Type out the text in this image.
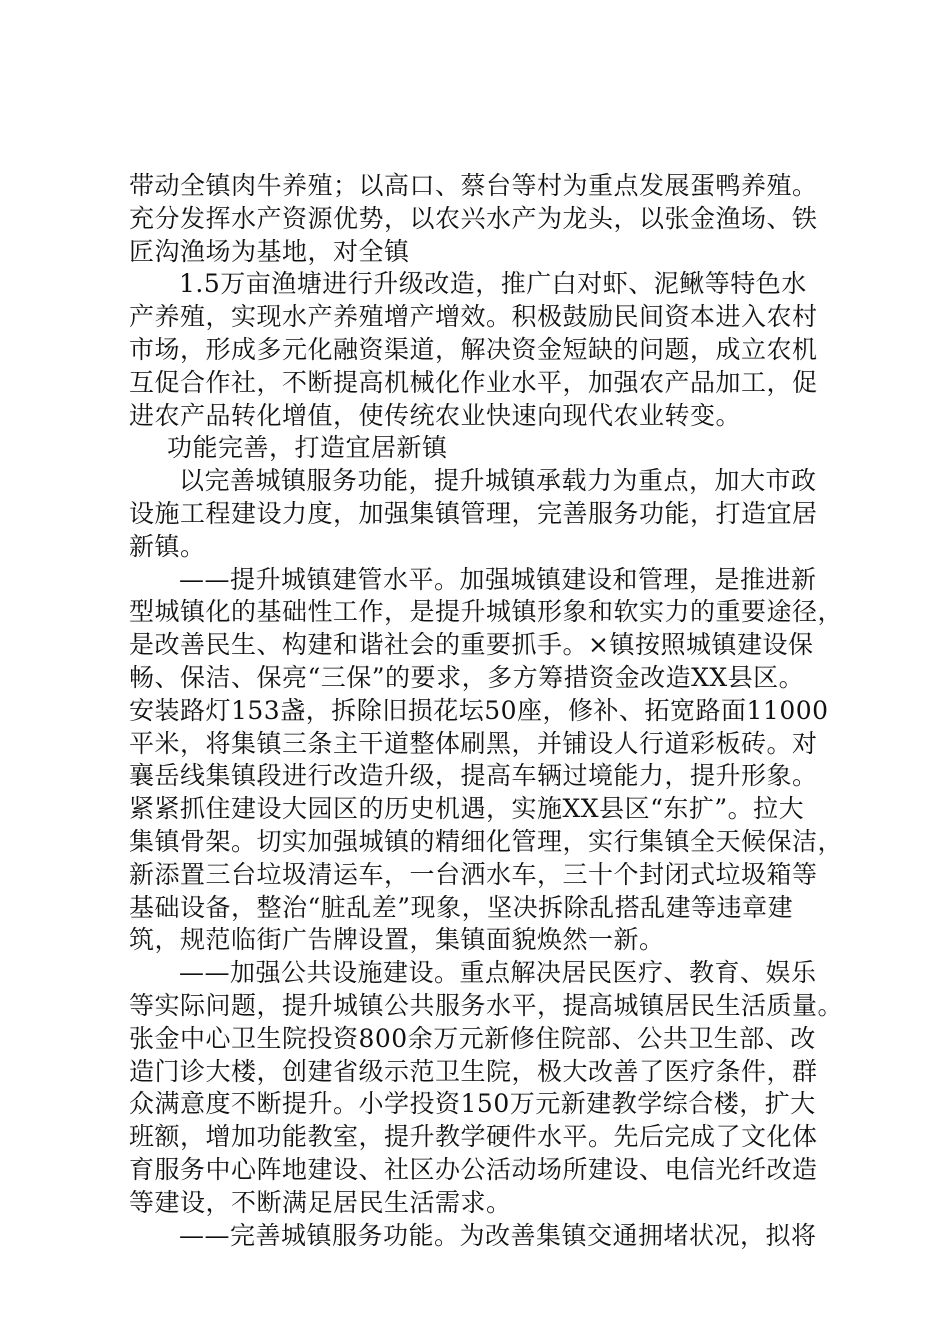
带动全镇肉牛养殖；以高口、蔡台等村为重点发展蛋鸭养殖。
充分发挥水产资源优势，以农兴水产为龙头，以张金渔场、铁
匠沟渔场为基地，对全镇
1.5万亩渔塘进行升级改造，推广白对虾、泥鳅等特色水
产养殖，实现水产养殖增产增效。积极鼓励民间资本进入农村
市场，形成多元化融资渠道，解决资金短缺的问题，成立农机
互促合作社，不断提高机械化作业水平，加强农产品加工，促
进农产品转化增值，使传统农业快速向现代农业转变。
功能完善，打造宜居新镇
以完善城镇服务功能，提升城镇承载力为重点，加大市政
设施工程建设力度，加强集镇管理，完善服务功能，打造宜居
新镇。
——提升城镇建管水平。加强城镇建设和管理，是推进新
型城镇化的基础性工作，是提升城镇形象和软实力的重要途径，
是改善民生、构建和谐社会的重要抓手。×镇按照城镇建设保
畅、保洁、保亮“三保”的要求，多方筹措资金改造XX县区。
安装路灯153盏，拆除旧损花坛50座，修补、拓宽路面11000
平米，将集镇三条主干道整体刷黑，并铺设人行道彩板砖。对
襄岳线集镇段进行改造升级，提高车辆过境能力，提升形象。
紧紧抓住建设大园区的历史机遇，实施XX县区“东扩”。拉大
集镇骨架。切实加强城镇的精细化管理，实行集镇全天候保洁，
新添置三台垃圾清运车，一台洒水车，三十个封闭式垃圾箱等
基础设备，整治“脏乱差”现象，坚决拆除乱搭乱建等违章建
筑，规范临街广告牌设置，集镇面貌焕然一新。
——加强公共设施建设。重点解决居民医疗、教育、娱乐
等实际问题，提升城镇公共服务水平，提高城镇居民生活质量。
张金中心卫生院投资800余万元新修住院部、公共卫生部、改
造门诊大楼，创建省级示范卫生院，极大改善了医疗条件，群
众满意度不断提升。小学投资150万元新建教学综合楼，扩大
班额，增加功能教室，提升教学硬件水平。先后完成了文化体
育服务中心阵地建设、社区办公活动场所建设、电信光纤改造
等建设，不断满足居民生活需求。
——完善城镇服务功能。为改善集镇交通拥堵状况，拟将
